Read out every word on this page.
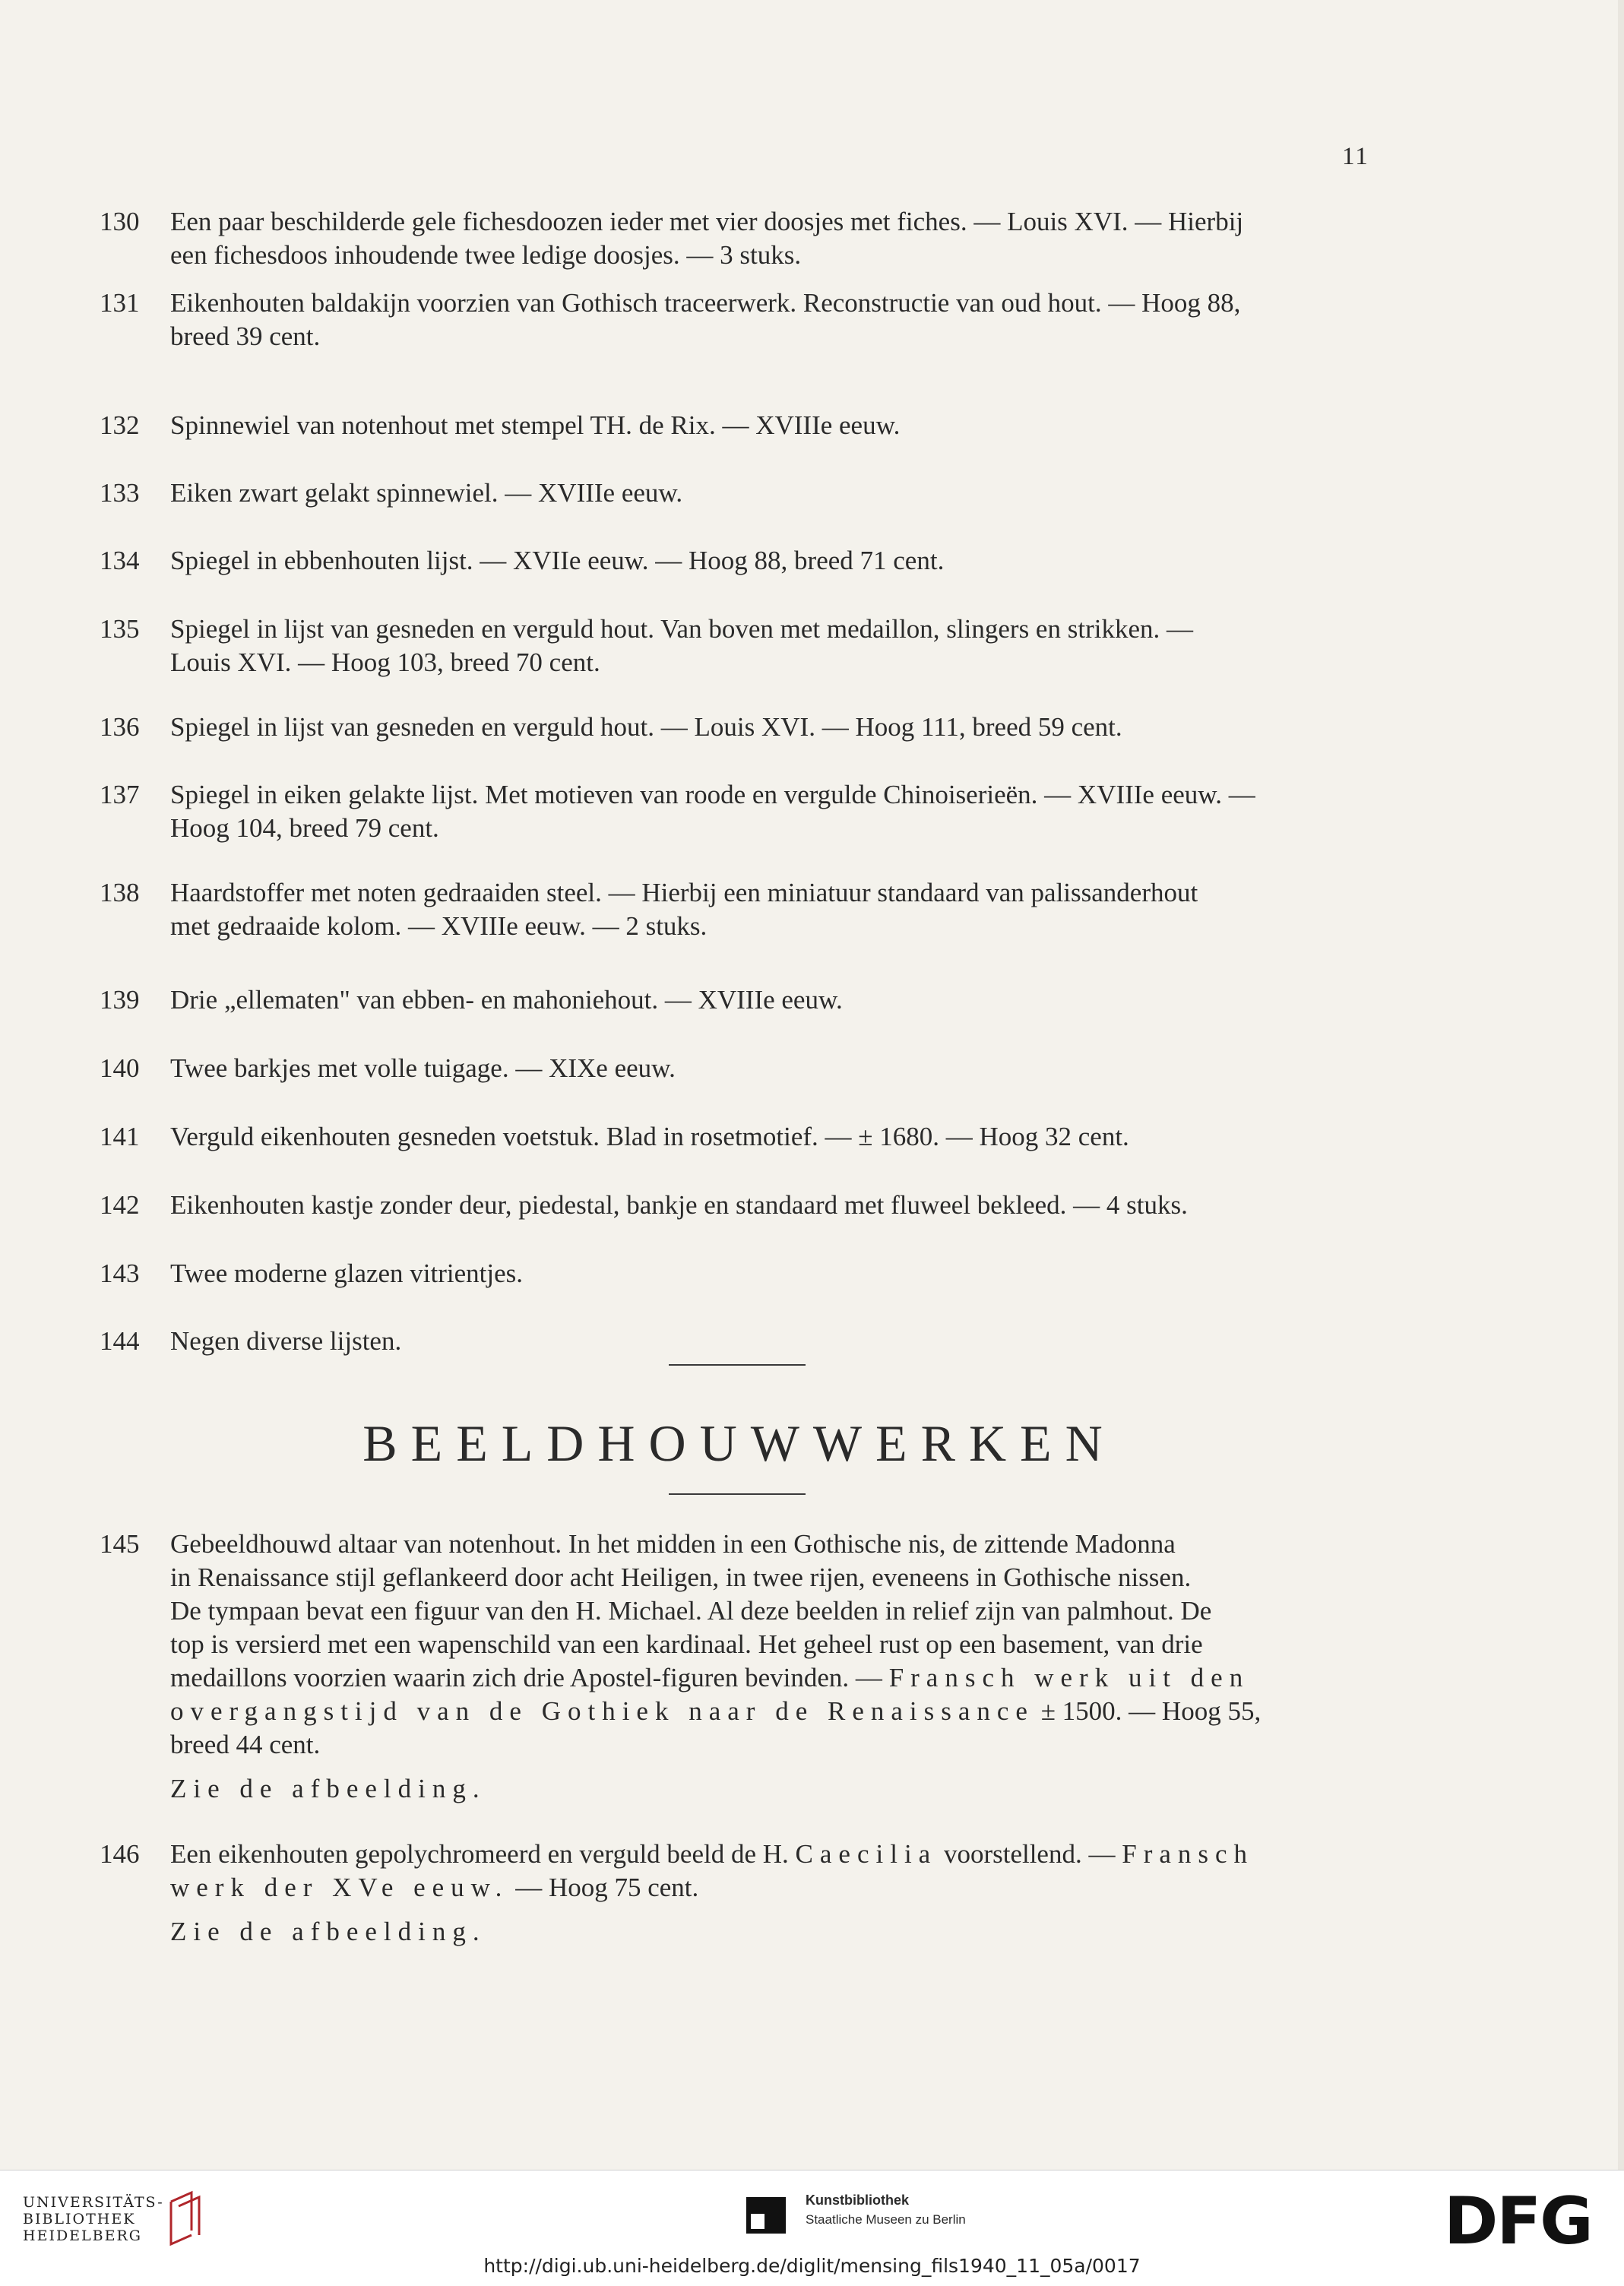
11
130 Een paar beschilderde gele fichesdoozen ieder met vier doosjes met fiches. — Louis XVI. — Hierbij
een fichesdoos inhoudende twee ledige doosjes. — 3 stuks.
131 Eikenhouten baldakijn voorzien van Gothisch traceerwerk. Reconstructie van oud hout. — Hoog 88,
breed 39 cent.
132 Spinnewiel van notenhout met stempel TH. de Rix. — XVIIIe eeuw.
133 Eiken zwart gelakt spinnewiel. — XVIIIe eeuw.
134 Spiegel in ebbenhouten lijst. — XVIIe eeuw. — Hoog 88, breed 71 cent.
135 Spiegel in lijst van gesneden en verguld hout. Van boven met medaillon, slingers en strikken. —
Louis XVI. — Hoog 103, breed 70 cent.
136 Spiegel in lijst van gesneden en verguld hout. — Louis XVI. — Hoog 111, breed 59 cent.
137 Spiegel in eiken gelakte lijst. Met motieven van roode en vergulde Chinoiserieën. — XVIIIe eeuw. —
Hoog 104, breed 79 cent.
138 Haardstoffer met noten gedraaiden steel. — Hierbij een miniatuur standaard van palissanderhout
met gedraaide kolom. — XVIIIe eeuw. — 2 stuks.
139 Drie „ellematen" van ebben- en mahoniehout. — XVIIIe eeuw.
140 Twee barkjes met volle tuigage. — XIXe eeuw.
141 Verguld eikenhouten gesneden voetstuk. Blad in rosetmotief. — ± 1680. — Hoog 32 cent.
142 Eikenhouten kastje zonder deur, piedestal, bankje en standaard met fluweel bekleed. — 4 stuks.
143 Twee moderne glazen vitrientjes.
144 Negen diverse lijsten.
BEELDHOUWWERKEN
145 Gebeeldhouwd altaar van notenhout. In het midden in een Gothische nis, de zittende Madonna
in Renaissance stijl geflankeerd door acht Heiligen, in twee rijen, eveneens in Gothische nissen.
De tympaan bevat een figuur van den H. Michael. Al deze beelden in relief zijn van palmhout. De
top is versierd met een wapenschild van een kardinaal. Het geheel rust op een basement, van drie
medaillons voorzien waarin zich drie Apostel-figuren bevinden. — Fransch werk uit den
overgangstijd van de Gothiek naar de Renaissance ± 1500. — Hoog 55,
breed 44 cent.
Zie de afbeelding.
146 Een eikenhouten gepolychromeerd en verguld beeld de H. Caecilia voorstellend. — Fransch
werk der XVe eeuw. — Hoog 75 cent.
Zie de afbeelding.
UNIVERSITÄTS-
BIBLIOTHEK
HEIDELBERG
Kunstbibliothek
Staatliche Museen zu Berlin	DFG
http://digi.ub.uni-heidelberg.de/diglit/mensing_fils1940_11_05a/0017
